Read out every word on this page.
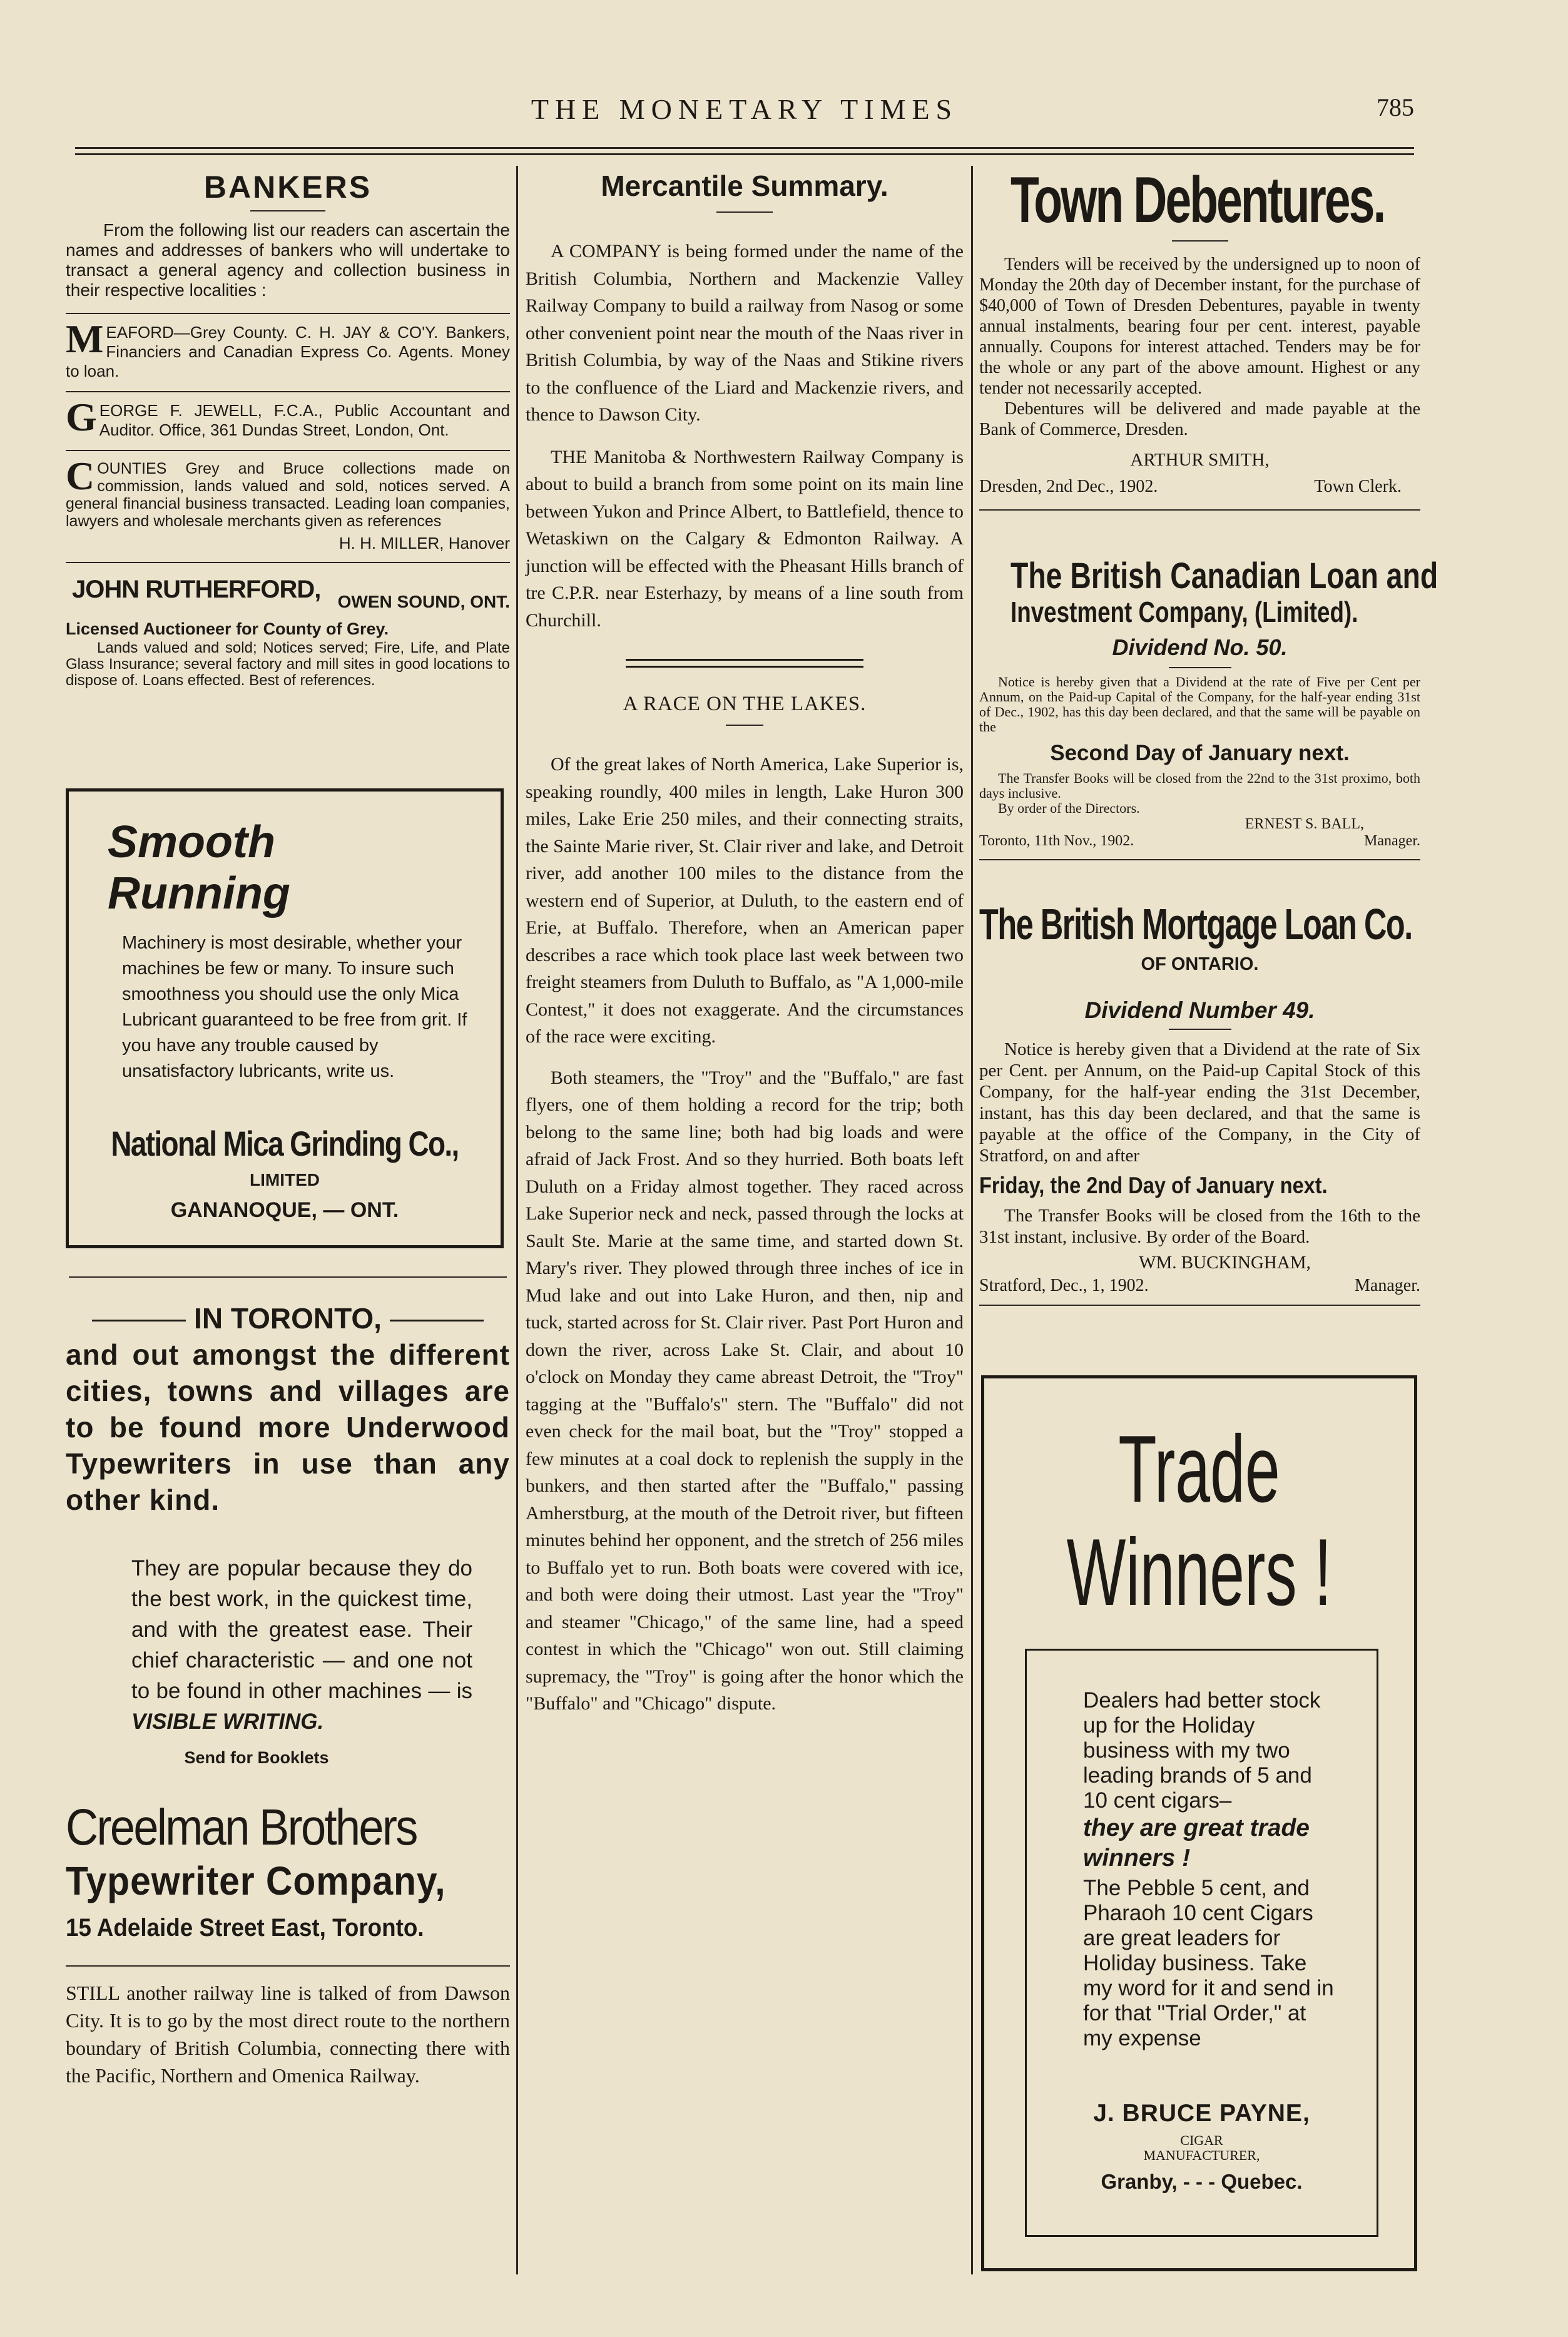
THE MONETARY TIMES	785
BANKERS
From the following list our readers can ascertain the names and addresses of bankers who will undertake to transact a general agency and collection business in their respective localities :
M EAFORD—Grey County. C. H. JAY & CO'Y. Bankers, Financiers and Canadian Express Co. Agents. Money to loan.
G EORGE F. JEWELL, F.C.A., Public Accountant and Auditor. Office, 361 Dundas Street, London, Ont.
C OUNTIES Grey and Bruce collections made on commission, lands valued and sold, notices served. A general financial business transacted. Leading loan companies, lawyers and wholesale merchants given as references
H. H. MILLER, Hanover
JOHN RUTHERFORD, OWEN SOUND, ONT.
Licensed Auctioneer for County of Grey.
Lands valued and sold; Notices served; Fire, Life, and Plate Glass Insurance; several factory and mill sites in good locations to dispose of. Loans effected. Best of references.
Smooth
Running
Machinery is most desirable, whether your machines be few or many. To insure such smoothness you should use the only Mica Lubricant guaranteed to be free from grit. If you have any trouble caused by unsatisfactory lubricants, write us.
National Mica Grinding Co.,
LIMITED
GANANOQUE, — ONT.
IN TORONTO,
and out amongst the different cities, towns and villages are to be found more Underwood Typewriters in use than any other kind.
They are popular because they do the best work, in the quickest time, and with the greatest ease. Their chief characteristic — and one not to be found in other machines — is VISIBLE WRITING.
Send for Booklets
Creelman Brothers
Typewriter Company,
15 Adelaide Street East, Toronto.
STILL another railway line is talked of from Dawson City. It is to go by the most direct route to the northern boundary of British Columbia, connecting there with the Pacific, Northern and Omenica Railway.
Mercantile Summary.
A COMPANY is being formed under the name of the British Columbia, Northern and Mackenzie Valley Railway Company to build a railway from Nasog or some other convenient point near the mouth of the Naas river in British Columbia, by way of the Naas and Stikine rivers to the confluence of the Liard and Mackenzie rivers, and thence to Dawson City.
THE Manitoba & Northwestern Railway Company is about to build a branch from some point on its main line between Yukon and Prince Albert, to Battlefield, thence to Wetaskiwn on the Calgary & Edmonton Railway. A junction will be effected with the Pheasant Hills branch of tre C.P.R. near Esterhazy, by means of a line south from Churchill.
A RACE ON THE LAKES.
Of the great lakes of North America, Lake Superior is, speaking roundly, 400 miles in length, Lake Huron 300 miles, Lake Erie 250 miles, and their connecting straits, the Sainte Marie river, St. Clair river and lake, and Detroit river, add another 100 miles to the distance from the western end of Superior, at Duluth, to the eastern end of Erie, at Buffalo. Therefore, when an American paper describes a race which took place last week between two freight steamers from Duluth to Buffalo, as "A 1,000-mile Contest," it does not exaggerate. And the circumstances of the race were exciting.
Both steamers, the "Troy" and the "Buffalo," are fast flyers, one of them holding a record for the trip; both belong to the same line; both had big loads and were afraid of Jack Frost. And so they hurried. Both boats left Duluth on a Friday almost together. They raced across Lake Superior neck and neck, passed through the locks at Sault Ste. Marie at the same time, and started down St. Mary's river. They plowed through three inches of ice in Mud lake and out into Lake Huron, and then, nip and tuck, started across for St. Clair river. Past Port Huron and down the river, across Lake St. Clair, and about 10 o'clock on Monday they came abreast Detroit, the "Troy" tagging at the "Buffalo's" stern. The "Buffalo" did not even check for the mail boat, but the "Troy" stopped a few minutes at a coal dock to replenish the supply in the bunkers, and then started after the "Buffalo," passing Amherstburg, at the mouth of the Detroit river, but fifteen minutes behind her opponent, and the stretch of 256 miles to Buffalo yet to run. Both boats were covered with ice, and both were doing their utmost. Last year the "Troy" and steamer "Chicago," of the same line, had a speed contest in which the "Chicago" won out. Still claiming supremacy, the "Troy" is going after the honor which the "Buffalo" and "Chicago" dispute.
Town Debentures.
Tenders will be received by the undersigned up to noon of Monday the 20th day of December instant, for the purchase of $40,000 of Town of Dresden Debentures, payable in twenty annual instalments, bearing four per cent. interest, payable annually. Coupons for interest attached. Tenders may be for the whole or any part of the above amount. Highest or any tender not necessarily accepted.
Debentures will be delivered and made payable at the Bank of Commerce, Dresden.
ARTHUR SMITH,
Dresden, 2nd Dec., 1902.	Town Clerk.
The British Canadian Loan and
Investment Company, (Limited).
Dividend No. 50.
Notice is hereby given that a Dividend at the rate of Five per Cent per Annum, on the Paid-up Capital of the Company, for the half-year ending 31st of Dec., 1902, has this day been declared, and that the same will be payable on the
Second Day of January next.
The Transfer Books will be closed from the 22nd to the 31st proximo, both days inclusive.
By order of the Directors.
ERNEST S. BALL,
Toronto, 11th Nov., 1902.	Manager.
The British Mortgage Loan Co.
OF ONTARIO.
Dividend Number 49.
Notice is hereby given that a Dividend at the rate of Six per Cent. per Annum, on the Paid-up Capital Stock of this Company, for the half-year ending the 31st December, instant, has this day been declared, and that the same is payable at the office of the Company, in the City of Stratford, on and after
Friday, the 2nd Day of January next.
The Transfer Books will be closed from the 16th to the 31st instant, inclusive. By order of the Board.
WM. BUCKINGHAM,
Stratford, Dec., 1, 1902.	Manager.
Trade
Winners !
Dealers had better stock up for the Holiday business with my two leading brands of 5 and 10 cent cigars–
they are great trade winners !
The Pebble 5 cent, and Pharaoh 10 cent Cigars are great leaders for Holiday business. Take my word for it and send in for that "Trial Order," at my expense
J. BRUCE PAYNE,
CIGAR
MANUFACTURER,
Granby, - - - Quebec.
